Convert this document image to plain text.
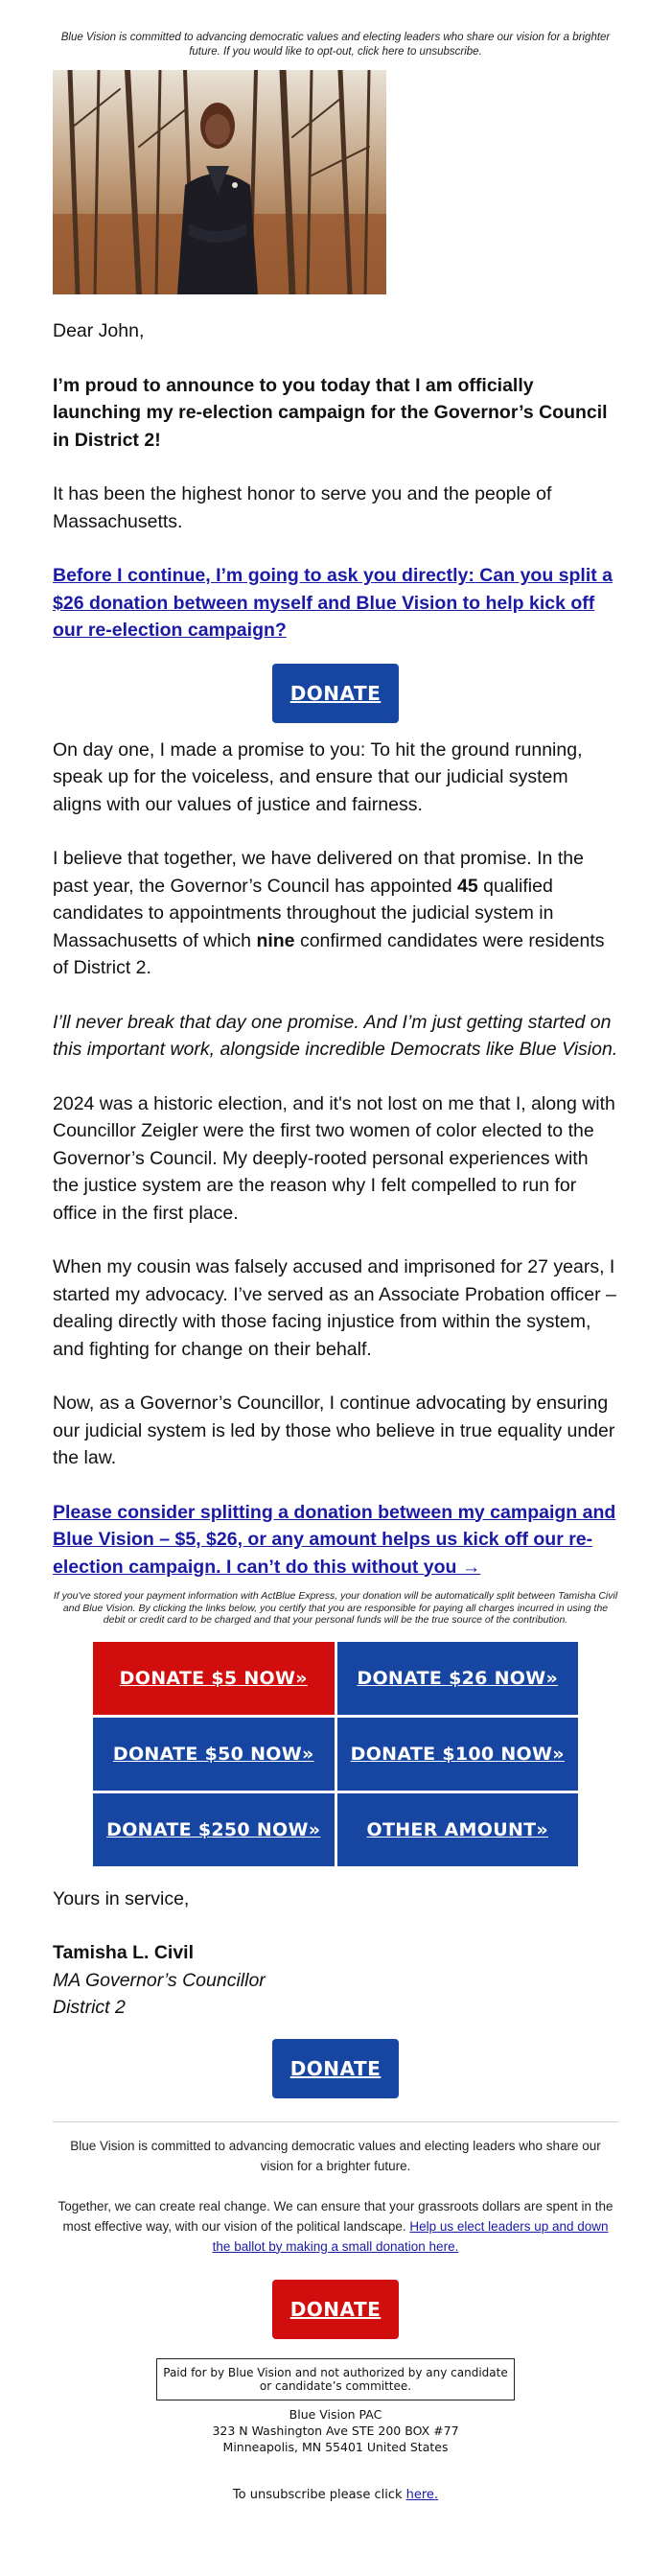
Blue Vision is committed to advancing democratic values and electing leaders who share our vision for a brighter future. If you would like to opt-out, click here to unsubscribe.

Dear John,

I’m proud to announce to you today that I am officially launching my re-election campaign for the Governor’s Council in District 2!

It has been the highest honor to serve you and the people of Massachusetts.

Before I continue, I’m going to ask you directly: Can you split a $26 donation between myself and Blue Vision to help kick off our re-election campaign?

DONATE

On day one, I made a promise to you: To hit the ground running, speak up for the voiceless, and ensure that our judicial system aligns with our values of justice and fairness.

I believe that together, we have delivered on that promise. In the past year, the Governor’s Council has appointed 45 qualified candidates to appointments throughout the judicial system in Massachusetts of which nine confirmed candidates were residents of District 2.

I’ll never break that day one promise. And I’m just getting started on this important work, alongside incredible Democrats like Blue Vision.

2024 was a historic election, and it's not lost on me that I, along with Councillor Zeigler were the first two women of color elected to the Governor’s Council. My deeply-rooted personal experiences with the justice system are the reason why I felt compelled to run for office in the first place.

When my cousin was falsely accused and imprisoned for 27 years, I started my advocacy. I’ve served as an Associate Probation officer – dealing directly with those facing injustice from within the system, and fighting for change on their behalf.

Now, as a Governor’s Councillor, I continue advocating by ensuring our judicial system is led by those who believe in true equality under the law.

Please consider splitting a donation between my campaign and Blue Vision – $5, $26, or any amount helps us kick off our re-election campaign. I can’t do this without you →

If you've stored your payment information with ActBlue Express, your donation will be automatically split between Tamisha Civil and Blue Vision. By clicking the links below, you certify that you are responsible for paying all charges incurred in using the debit or credit card to be charged and that your personal funds will be the true source of the contribution.

DONATE $5 NOW»	DONATE $26 NOW»
DONATE $50 NOW»	DONATE $100 NOW»
DONATE $250 NOW»	OTHER AMOUNT»

Yours in service,

Tamisha L. Civil

MA Governor’s Councillor

District 2

DONATE

Blue Vision is committed to advancing democratic values and electing leaders who share our vision for a brighter future.

Together, we can create real change. We can ensure that your grassroots dollars are spent in the most effective way, with our vision of the political landscape. Help us elect leaders up and down the ballot by making a small donation here.

DONATE
Paid for by Blue Vision and not authorized by any candidate or candidate’s committee.

Blue Vision PAC

323 N Washington Ave STE 200 BOX #77

Minneapolis, MN 55401 United States

To unsubscribe please click here.
